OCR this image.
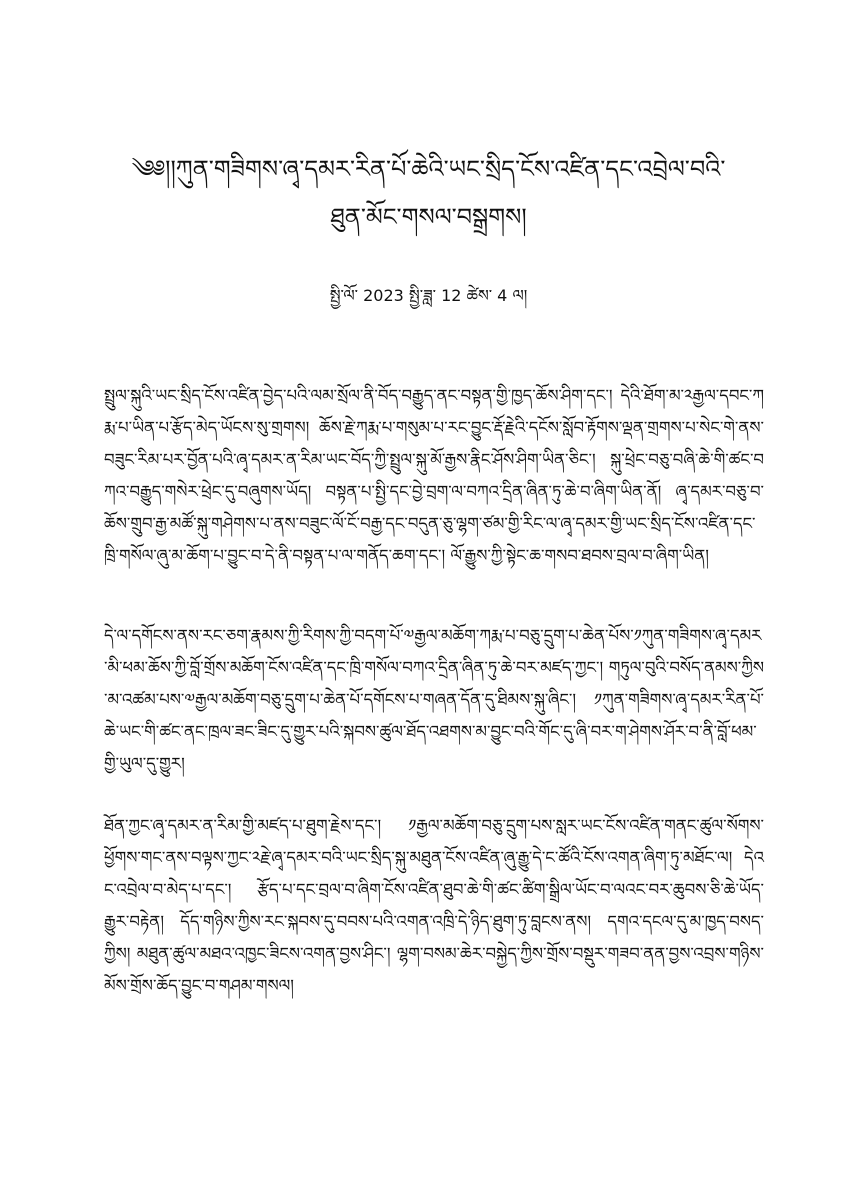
༄༅།།ཀུན་གཟིགས་ཞྭ་དམར་རིན་པོ་ཆེའི་ཡང་སྲིད་ངོས་འཛིན་དང་འབྲེལ་བའི་
ཐུན་མོང་གསལ་བསྒྲགས།
སྤྱི་ལོ་ 2023 སྤྱི་ཟླ་ 12 ཚེས་ 4 ལ།
སྤྲུལ་སྐུའི་ཡང་སྲིད་ངོས་འཛིན་བྱེད་པའི་ལམ་སྲོལ་ནི་བོད་བརྒྱུད་ནང་བསྟན་གྱི་ཁྱད་ཆོས་ཤིག་དང་། དེའི་ཐོག་མ་༢རྒྱལ་དབང་ཀརྨ་པ་ཡིན་པ་རྩོད་མེད་ཡོངས་སུ་གྲགས། ཆོས་རྗེ་ཀརྨ་པ་གསུམ་པ་རང་བྱུང་རྡོ་རྗེའི་དངོས་སློབ་རྟོགས་ལྡན་གྲགས་པ་སེང་གེ་ནས་བཟུང་རིམ་པར་བྱོན་པའི་ཞྭ་དམར་ན་རིམ་ཡང་བོད་ཀྱི་སྤྲུལ་སྐུ་མོ་རྒྱས་རྣིང་ཤོས་ཤིག་ཡིན་ཅིང་། སྐུ་ཕྲེང་བཅུ་བཞི་ཆེ་གི་ཚང་བཀའ་བརྒྱུད་གསེར་ཕྲེང་དུ་བཞུགས་ཡོད། བསྟན་པ་སྤྱི་དང་བྱེ་བྲག་ལ་བཀའ་དྲིན་ཞིན་ཏུ་ཆེ་བ་ཞིག་ཡིན་ནོ། ཞྭ་དམར་བཅུ་བ་ཆོས་གྲུབ་རྒྱ་མཚོ་སྐུ་གཤེགས་པ་ནས་བཟུང་ལོ་ངོ་བརྒྱ་དང་བདུན་ཅུ་ལྷག་ཙམ་གྱི་རིང་ལ་ཞྭ་དམར་གྱི་ཡང་སྲིད་ངོས་འཛིན་དང་ཁྲི་གསོལ་ཞུ་མ་ཆོག་པ་བྱུང་བ་དེ་ནི་བསྟན་པ་ལ་གནོད་ཆག་དང་། ལོ་རྒྱུས་ཀྱི་སྟེང་ཆ་གསབ་ཐབས་བྲལ་བ་ཞིག་ཡིན།
དེ་ལ་དགོངས་ནས་རང་ཅག་རྣམས་ཀྱི་རིགས་ཀྱི་བདག་པོ་༧རྒྱལ་མཆོག་ཀརྨ་པ་བཅུ་དྲུག་པ་ཆེན་པོས་༡ཀུན་གཟིགས་ཞྭ་དམར་མི་ཕམ་ཆོས་ཀྱི་བློ་གྲོས་མཆོག་ངོས་འཛིན་དང་ཁྲི་གསོལ་བཀའ་དྲིན་ཞིན་ཏུ་ཆེ་བར་མཛད་ཀྱང་། གཏུལ་བུའི་བསོད་ནམས་ཀྱིས་མ་འཚམ་པས་༧རྒྱལ་མཆོག་བཅུ་དྲུག་པ་ཆེན་པོ་དགོངས་པ་གཞན་དོན་དུ་ཐིམས་སྐུ་ཞིང་། ༡ཀུན་གཟིགས་ཞྭ་དམར་རིན་པོ་ཆེ་ཡང་གི་ཚང་ནང་ཁྲལ་ཟང་ཟིང་དུ་གྱུར་པའི་སྐབས་ཚུལ་ཐོད་འཐགས་མ་བྱུང་བའི་གོང་དུ་ཞི་བར་ག་ཤེགས་ཤོར་བ་ནི་བློ་ཕམ་གྱི་ཡུལ་དུ་གྱུར།
ཐོན་ཀྱང་ཞྭ་དམར་ན་རིམ་གྱི་མཛད་པ་ཐུག་རྗེས་དང་། ༡རྒྱལ་མཆོག་བཅུ་དྲུག་པས་སླར་ཡང་ངོས་འཛིན་གནང་ཚུལ་སོགས་ཕྱོགས་གང་ནས་བལྟས་ཀྱང་༢རྗེ་ཞྭ་དམར་བའི་ཡང་སྲིད་སྐུ་མཐུན་ངོས་འཛིན་ཞུ་རྒྱུ་དེ་ང་ཚོའི་ངོས་འགན་ཞིག་ཏུ་མཐོང་ལ། དེའང་འབྲེལ་བ་མེད་པ་དང་། རྩོད་པ་དང་བྲལ་བ་ཞིག་ངོས་འཛིན་ཐུབ་ཆེ་གི་ཚང་ཚིག་སྒྲིལ་ཡོང་བ་ལའང་བར་ཆུབས་ཅི་ཆེ་ཡོད་རྒྱུར་བརྟེན། དོད་གཉིས་ཀྱིས་རང་སྐབས་དུ་བབས་པའི་འགན་འཁྲི་དེ་ཉིད་ཐུག་ཏུ་བླངས་ནས། དགའ་དངལ་དུ་མ་ཁྱད་བསད་ཀྱིས། མཐུན་ཚུལ་མཐའ་འཁྱང་ཟིངས་འགན་བྱས་ཤིང་། ལྷག་བསམ་ཆེར་བསྐྱེད་ཀྱིས་གྲོས་བསྡུར་གཟབ་ནན་བྱས་འབྲས་གཉིས་མོས་གྲོས་ཆོད་བྱུང་བ་གཤམ་གསལ།
